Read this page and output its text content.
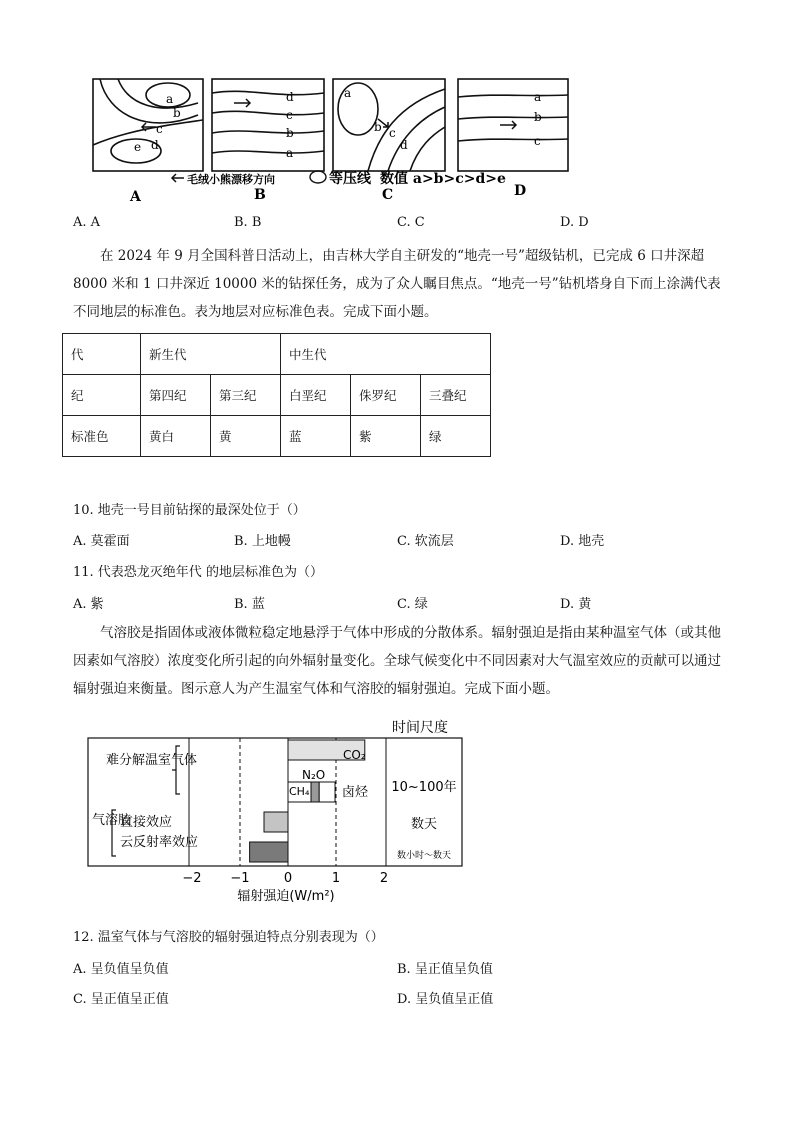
a
b
c
d
e
d
c
b
a
a
b c
d
a
b
c
毛绒小熊漂移方向	等压线 数值 a>b>c>d>e
A	B	C	D
A. A	B. B	C. C	D. D
在 2024 年 9 月全国科普日活动上，由吉林大学自主研发的“地壳一号”超级钻机，已完成 6 口井深超 8000 米和 1 口井深近 10000 米的钻探任务，成为了众人瞩目焦点。“地壳一号”钻机塔身自下而上涂满代表不同地层的标准色。表为地层对应标准色表。完成下面小题。
代	新生代		中生代		
纪	第四纪	第三纪	白垩纪	侏罗纪	三叠纪
标准色	黄白	黄	蓝	紫	绿
10. 地壳一号目前钻探的最深处位于（）
A. 莫霍面	B. 上地幔	C. 软流层	D. 地壳
11. 代表恐龙灭绝年代 的地层标准色为（）
A. 紫	B. 蓝	C. 绿	D. 黄
气溶胶是指固体或液体微粒稳定地悬浮于气体中形成的分散体系。辐射强迫是指由某种温室气体（或其他因素如气溶胶）浓度变化所引起的向外辐射量变化。全球气候变化中不同因素对大气温室效应的贡献可以通过辐射强迫来衡量。图示意人为产生温室气体和气溶胶的辐射强迫。完成下面小题。
时间尺度
难分解温室气体
气溶胶
直接效应
云反射率效应
CO₂
N₂O
CH₄	卤烃 10~100年
数天
数小时～数天
−2 −1	0	1	2
辐射强迫(W/m²)
12. 温室气体与气溶胶的辐射强迫特点分别表现为（）
A. 呈负值呈负值	B. 呈正值呈负值
C. 呈正值呈正值	D. 呈负值呈正值
